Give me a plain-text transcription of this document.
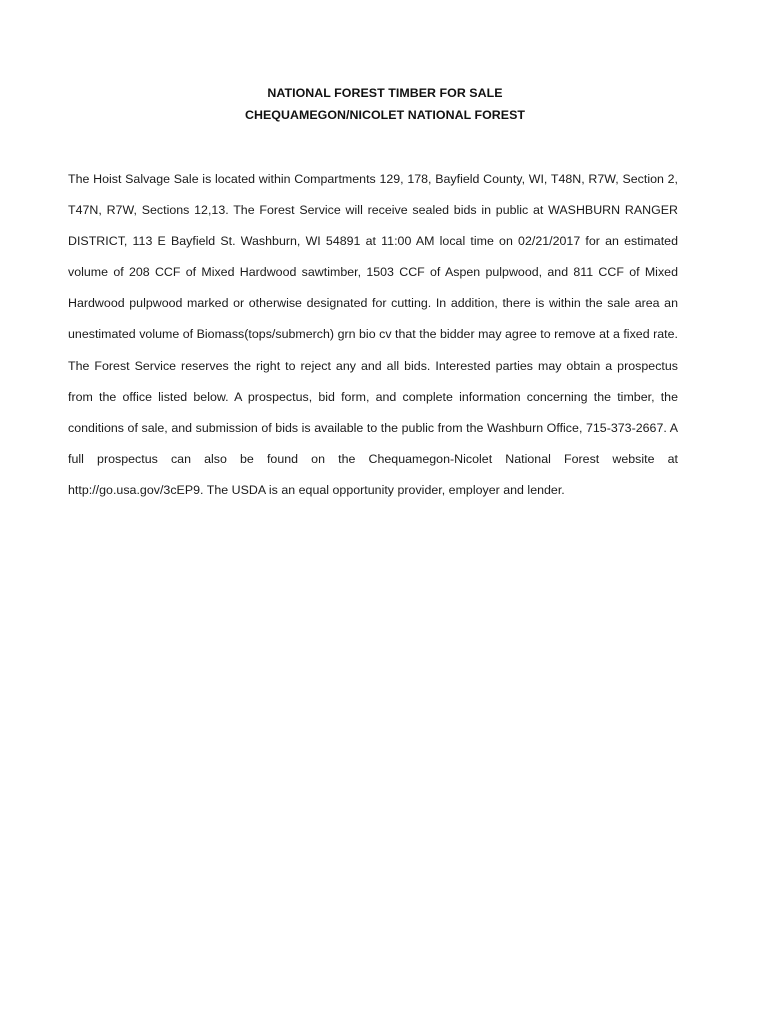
NATIONAL FOREST TIMBER FOR SALE
CHEQUAMEGON/NICOLET NATIONAL FOREST

The Hoist Salvage Sale is located within Compartments 129, 178, Bayfield County, WI, T48N, R7W, Section 2, T47N, R7W, Sections 12,13. The Forest Service will receive sealed bids in public at WASHBURN RANGER DISTRICT, 113 E Bayfield St. Washburn, WI 54891 at 11:00 AM local time on 02/21/2017 for an estimated volume of 208 CCF of Mixed Hardwood sawtimber, 1503 CCF of Aspen pulpwood, and 811 CCF of Mixed Hardwood pulpwood marked or otherwise designated for cutting. In addition, there is within the sale area an unestimated volume of Biomass(tops/submerch) grn bio cv that the bidder may agree to remove at a fixed rate. The Forest Service reserves the right to reject any and all bids. Interested parties may obtain a prospectus from the office listed below. A prospectus, bid form, and complete information concerning the timber, the conditions of sale, and submission of bids is available to the public from the Washburn Office, 715-373-2667. A full prospectus can also be found on the Chequamegon-Nicolet National Forest website at http://go.usa.gov/3cEP9. The USDA is an equal opportunity provider, employer and lender.
